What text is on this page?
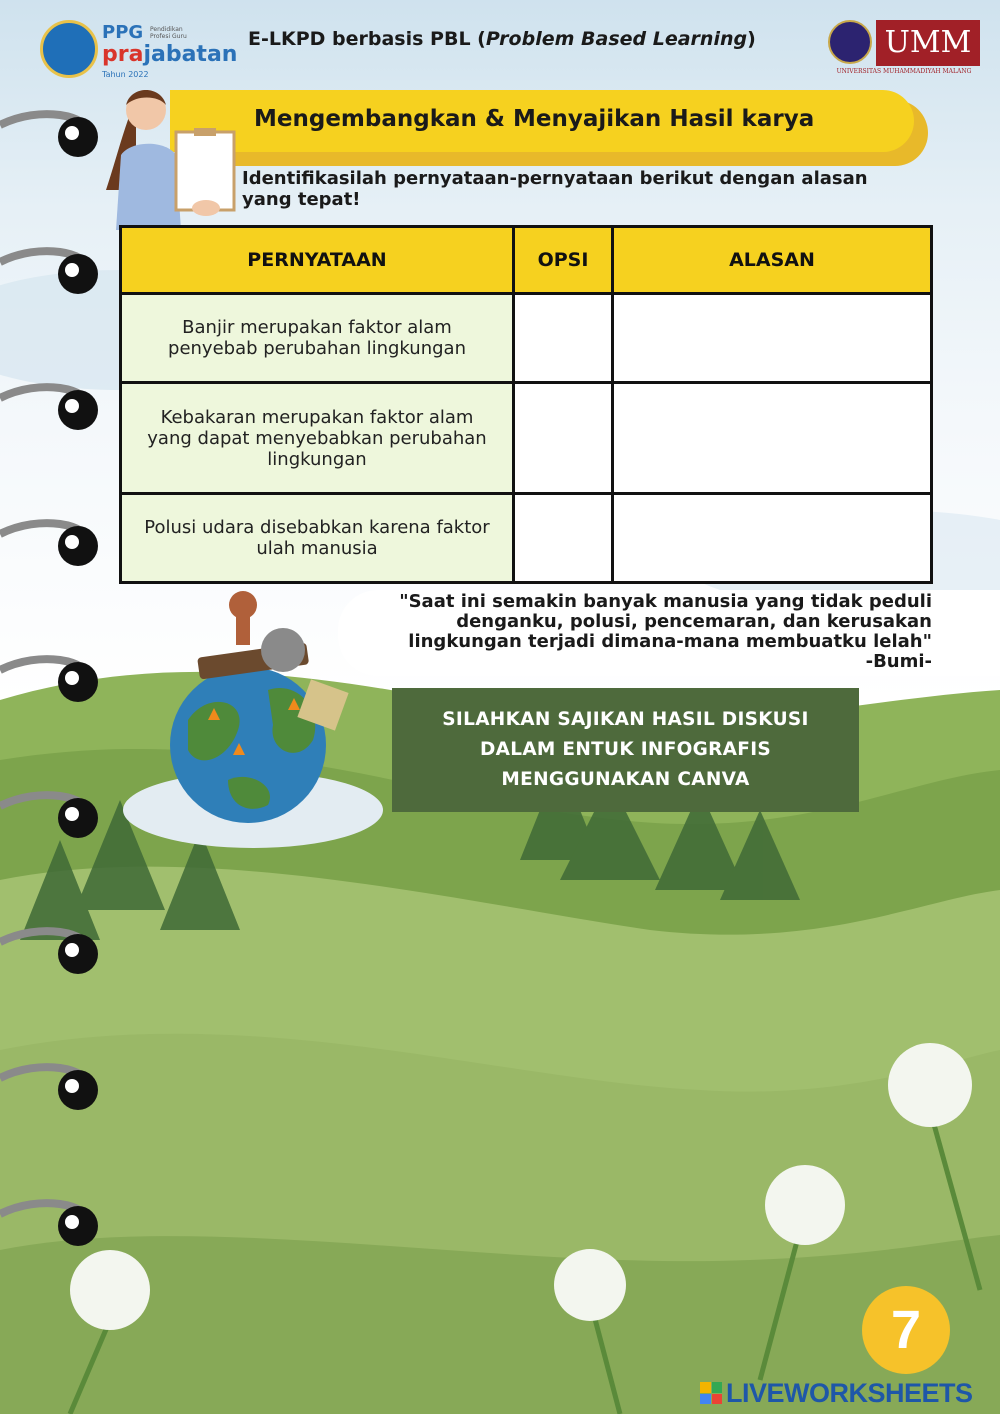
PPG Pendidikan Profesi Guru
prajabatan
Tahun 2022
E-LKPD berbasis PBL (Problem Based Learning)	UMM
UNIVERSITAS MUHAMMADIYAH MALANG
Mengembangkan & Menyajikan Hasil karya
Identifikasilah pernyataan-pernyataan berikut dengan alasan yang tepat!
PERNYATAAN	OPSI	ALASAN
Banjir merupakan faktor alam penyebab perubahan lingkungan		
Kebakaran merupakan faktor alam yang dapat menyebabkan perubahan lingkungan		
Polusi udara disebabkan karena faktor ulah manusia		
"Saat ini semakin banyak manusia yang tidak peduli denganku, polusi, pencemaran, dan kerusakan lingkungan terjadi dimana-mana membuatku lelah"
-Bumi-
SILAHKAN SAJIKAN HASIL DISKUSI DALAM ENTUK INFOGRAFIS MENGGUNAKAN CANVA
7
LIVEWORKSHEETS
